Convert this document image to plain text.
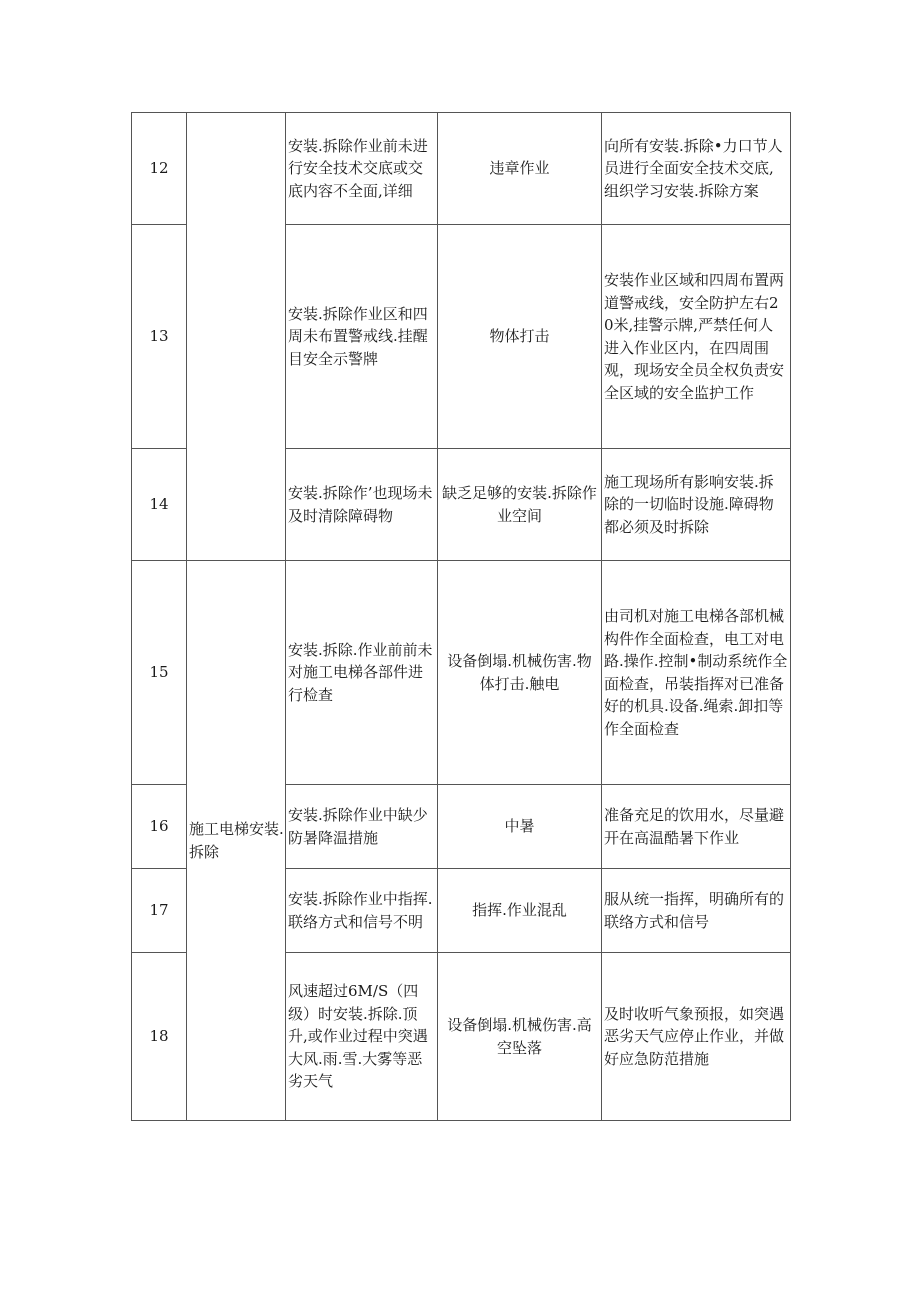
12		安装.拆除作业前未进行安全技术交底或交底内容不全面,详细	违章作业	向所有安装.拆除•力口节人员进行全面安全技术交底,组织学习安装.拆除方案
13		安装.拆除作业区和四周未布置警戒线.挂醒目安全示警牌	物体打击	安装作业区域和四周布置两道警戒线，安全防护左右20米,挂警示牌,严禁任何人进入作业区内，在四周围观，现场安全员全权负责安全区域的安全监护工作
14		安装.拆除作’也现场未及时清除障碍物	缺乏足够的安装.拆除作业空间	施工现场所有影响安装.拆除的一切临时设施.障碍物都必须及时拆除
15	施工电梯安装.拆除	安装.拆除.作业前前未对施工电梯各部件进行检查	设备倒塌.机械伤害.物体打击.触电	由司机对施工电梯各部机械构件作全面检查，电工对电路.操作.控制•制动系统作全面检查，吊装指挥对已准备好的机具.设备.绳索.卸扣等作全面检查
16		安装.拆除作业中缺少防暑降温措施	中暑	准备充足的饮用水，尽量避开在高温酷暑下作业
17		安装.拆除作业中指挥.联络方式和信号不明	指挥.作业混乱	服从统一指挥，明确所有的联络方式和信号
18		风速超过6M/S（四级）时安装.拆除.顶升,或作业过程中突遇大风.雨.雪.大雾等恶劣天气	设备倒塌.机械伤害.高空坠落	及时收听气象预报，如突遇恶劣天气应停止作业，并做好应急防范措施
